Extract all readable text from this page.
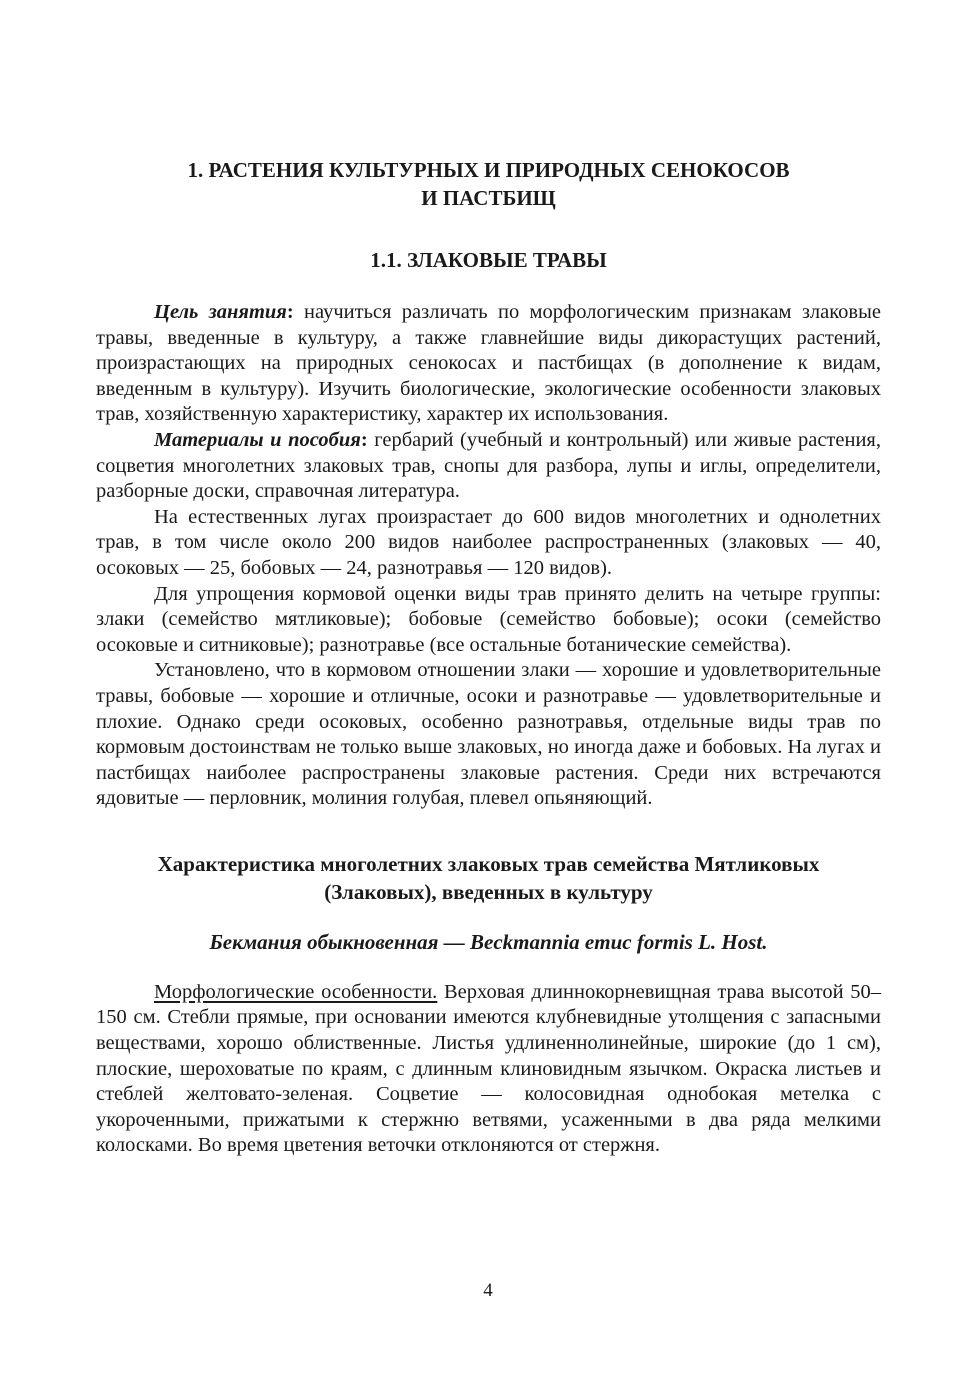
1. РАСТЕНИЯ КУЛЬТУРНЫХ И ПРИРОДНЫХ СЕНОКОСОВ
И ПАСТБИЩ
1.1. ЗЛАКОВЫЕ ТРАВЫ

Цель занятия: научиться различать по морфологическим признакам злаковые травы, введенные в культуру, а также главнейшие виды дикорастущих растений, произрастающих на природных сенокосах и пастбищах (в дополнение к видам, введенным в культуру). Изучить биологические, экологические особенности злаковых трав, хозяйственную характеристику, характер их использования.

Материалы и пособия: гербарий (учебный и контрольный) или живые растения, соцветия многолетних злаковых трав, снопы для разбора, лупы и иглы, определители, разборные доски, справочная литература.

На естественных лугах произрастает до 600 видов многолетних и однолетних трав, в том числе около 200 видов наиболее распространенных (злаковых — 40, осоковых — 25, бобовых — 24, разнотравья — 120 видов).

Для упрощения кормовой оценки виды трав принято делить на четыре группы: злаки (семейство мятликовые); бобовые (семейство бобовые); осоки (семейство осоковые и ситниковые); разнотравье (все остальные ботанические семейства).

Установлено, что в кормовом отношении злаки — хорошие и удовлетворительные травы, бобовые — хорошие и отличные, осоки и разнотравье — удовлетворительные и плохие. Однако среди осоковых, особенно разнотравья, отдельные виды трав по кормовым достоинствам не только выше злаковых, но иногда даже и бобовых. На лугах и пастбищах наиболее распространены злаковые растения. Среди них встречаются ядовитые — перловник, молиния голубая, плевел опьяняющий.

Характеристика многолетних злаковых трав семейства Мятликовых
(Злаковых), введенных в культуру
Бекмания обыкновенная — Beckmannia emuc formis L. Host.

Морфологические особенности. Верховая длиннокорневищная трава высотой 50–150 см. Стебли прямые, при основании имеются клубневидные утолщения с запасными веществами, хорошо облиственные. Листья удлиненнолинейные, широкие (до 1 см), плоские, шероховатые по краям, с длинным клиновидным язычком. Окраска листьев и стеблей желтовато-зеленая. Соцветие — колосовидная однобокая метелка с укороченными, прижатыми к стержню ветвями, усаженными в два ряда мелкими колосками. Во время цветения веточки отклоняются от стержня.

4
